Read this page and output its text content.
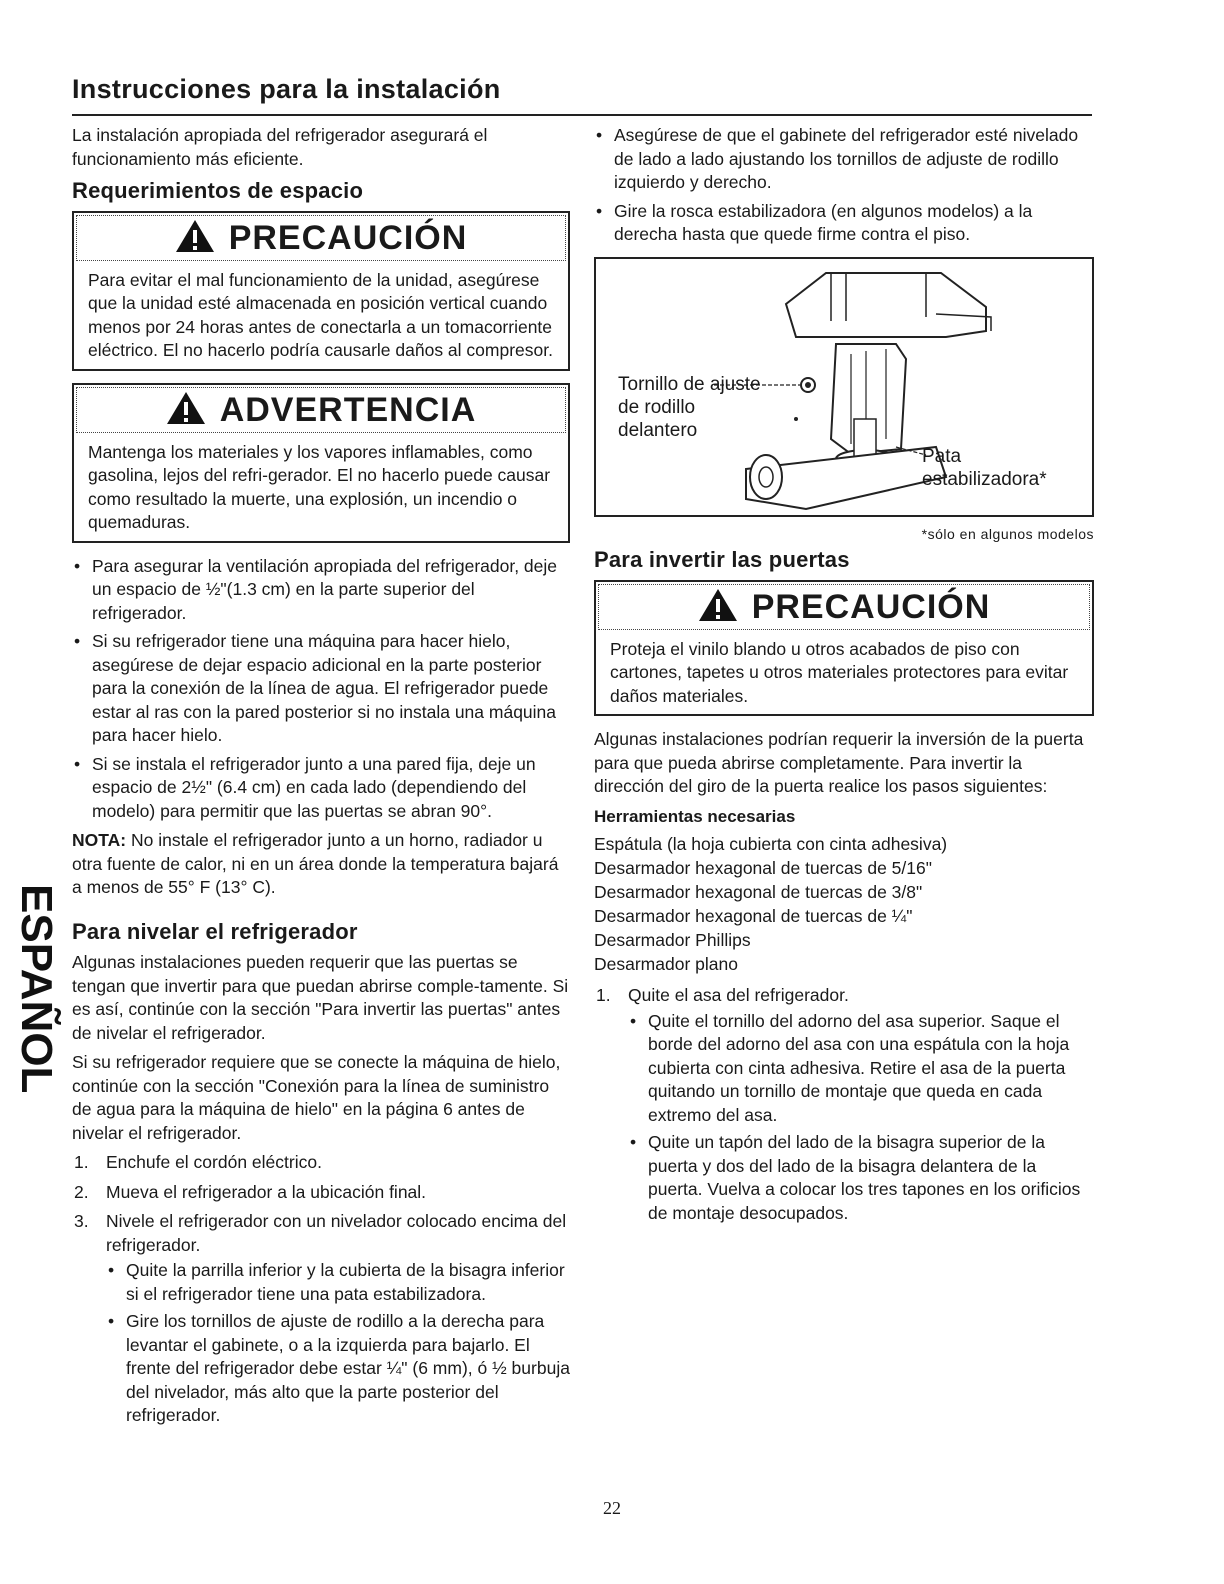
Instrucciones para la instalación
ESPAÑOL

La instalación apropiada del refrigerador asegurará el funcionamiento más eficiente.

Requerimientos de espacio
PRECAUCIÓN
Para evitar el mal funcionamiento de la unidad, asegúrese que la unidad esté almacenada en posición vertical cuando menos por 24 horas antes de conectarla a un tomacorriente eléctrico. El no hacerlo podría causarle daños al compresor.
ADVERTENCIA
Mantenga los materiales y los vapores inflamables, como gasolina, lejos del refri-gerador. El no hacerlo puede causar como resultado la muerte, una explosión, un incendio o quemaduras.
• Para asegurar la ventilación apropiada del refrigerador, deje un espacio de ½"(1.3 cm) en la parte superior del refrigerador.
• Si su refrigerador tiene una máquina para hacer hielo, asegúrese de dejar espacio adicional en la parte posterior para la conexión de la línea de agua. El refrigerador puede estar al ras con la pared posterior si no instala una máquina para hacer hielo.
• Si se instala el refrigerador junto a una pared fija, deje un espacio de 2½" (6.4 cm) en cada lado (dependiendo del modelo) para permitir que las puertas se abran 90°.

NOTA: No instale el refrigerador junto a un horno, radiador u otra fuente de calor, ni en un área donde la temperatura bajará a menos de 55° F (13° C).

Para nivelar el refrigerador

Algunas instalaciones pueden requerir que las puertas se tengan que invertir para que puedan abrirse comple-tamente. Si es así, continúe con la sección "Para invertir las puertas" antes de nivelar el refrigerador.

Si su refrigerador requiere que se conecte la máquina de hielo, continúe con la sección "Conexión para la línea de suministro de agua para la máquina de hielo" en la página 6 antes de nivelar el refrigerador.

1. Enchufe el cordón eléctrico.
2. Mueva el refrigerador a la ubicación final.
3. Nivele el refrigerador con un nivelador colocado encima del refrigerador.
• Quite la parrilla inferior y la cubierta de la bisagra inferior si el refrigerador tiene una pata estabilizadora.
• Gire los tornillos de ajuste de rodillo a la derecha para levantar el gabinete, o a la izquierda para bajarlo. El frente del refrigerador debe estar ¼" (6 mm), ó ½ burbuja del nivelador, más alto que la parte posterior del refrigerador.
• Asegúrese de que el gabinete del refrigerador esté nivelado de lado a lado ajustando los tornillos de adjuste de rodillo izquierdo y derecho.
• Gire la rosca estabilizadora (en algunos modelos) a la derecha hasta que quede firme contra el piso.
Tornillo de ajuste de rodillo delantero
Pata estabilizadora*
*sólo en algunos modelos
Para invertir las puertas
PRECAUCIÓN
Proteja el vinilo blando u otros acabados de piso con cartones, tapetes u otros materiales protectores para evitar daños materiales.

Algunas instalaciones podrían requerir la inversión de la puerta para que pueda abrirse completamente. Para invertir la dirección del giro de la puerta realice los pasos siguientes:

Herramientas necesarias
Espátula (la hoja cubierta con cinta adhesiva)
Desarmador hexagonal de tuercas de 5/16"
Desarmador hexagonal de tuercas de 3/8"
Desarmador hexagonal de tuercas de ¼"
Desarmador Phillips
Desarmador plano
1. Quite el asa del refrigerador.
• Quite el tornillo del adorno del asa superior. Saque el borde del adorno del asa con una espátula con la hoja cubierta con cinta adhesiva. Retire el asa de la puerta quitando un tornillo de montaje que queda en cada extremo del asa.
• Quite un tapón del lado de la bisagra superior de la puerta y dos del lado de la bisagra delantera de la puerta. Vuelva a colocar los tres tapones en los orificios de montaje desocupados.
22
